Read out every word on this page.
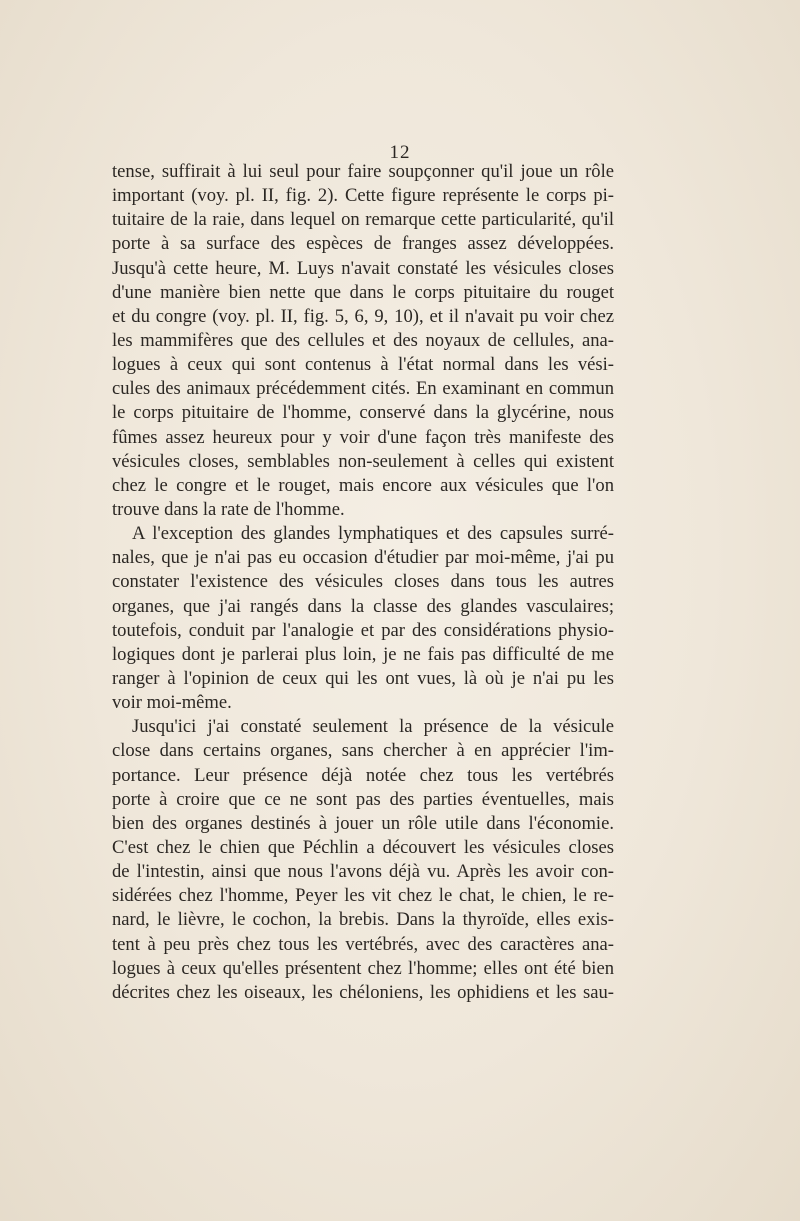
12
tense, suffirait à lui seul pour faire soupçonner qu'il joue un rôle
important (voy. pl. II, fig. 2). Cette figure représente le corps pi-
tuitaire de la raie, dans lequel on remarque cette particularité, qu'il
porte à sa surface des espèces de franges assez développées.
Jusqu'à cette heure, M. Luys n'avait constaté les vésicules closes
d'une manière bien nette que dans le corps pituitaire du rouget
et du congre (voy. pl. II, fig. 5, 6, 9, 10), et il n'avait pu voir chez
les mammifères que des cellules et des noyaux de cellules, ana-
logues à ceux qui sont contenus à l'état normal dans les vési-
cules des animaux précédemment cités. En examinant en commun
le corps pituitaire de l'homme, conservé dans la glycérine, nous
fûmes assez heureux pour y voir d'une façon très manifeste des
vésicules closes, semblables non-seulement à celles qui existent
chez le congre et le rouget, mais encore aux vésicules que l'on
trouve dans la rate de l'homme.
A l'exception des glandes lymphatiques et des capsules surré-
nales, que je n'ai pas eu occasion d'étudier par moi-même, j'ai pu
constater l'existence des vésicules closes dans tous les autres
organes, que j'ai rangés dans la classe des glandes vasculaires;
toutefois, conduit par l'analogie et par des considérations physio-
logiques dont je parlerai plus loin, je ne fais pas difficulté de me
ranger à l'opinion de ceux qui les ont vues, là où je n'ai pu les
voir moi-même.
Jusqu'ici j'ai constaté seulement la présence de la vésicule
close dans certains organes, sans chercher à en apprécier l'im-
portance. Leur présence déjà notée chez tous les vertébrés
porte à croire que ce ne sont pas des parties éventuelles, mais
bien des organes destinés à jouer un rôle utile dans l'économie.
C'est chez le chien que Péchlin a découvert les vésicules closes
de l'intestin, ainsi que nous l'avons déjà vu. Après les avoir con-
sidérées chez l'homme, Peyer les vit chez le chat, le chien, le re-
nard, le lièvre, le cochon, la brebis. Dans la thyroïde, elles exis-
tent à peu près chez tous les vertébrés, avec des caractères ana-
logues à ceux qu'elles présentent chez l'homme; elles ont été bien
décrites chez les oiseaux, les chéloniens, les ophidiens et les sau-
